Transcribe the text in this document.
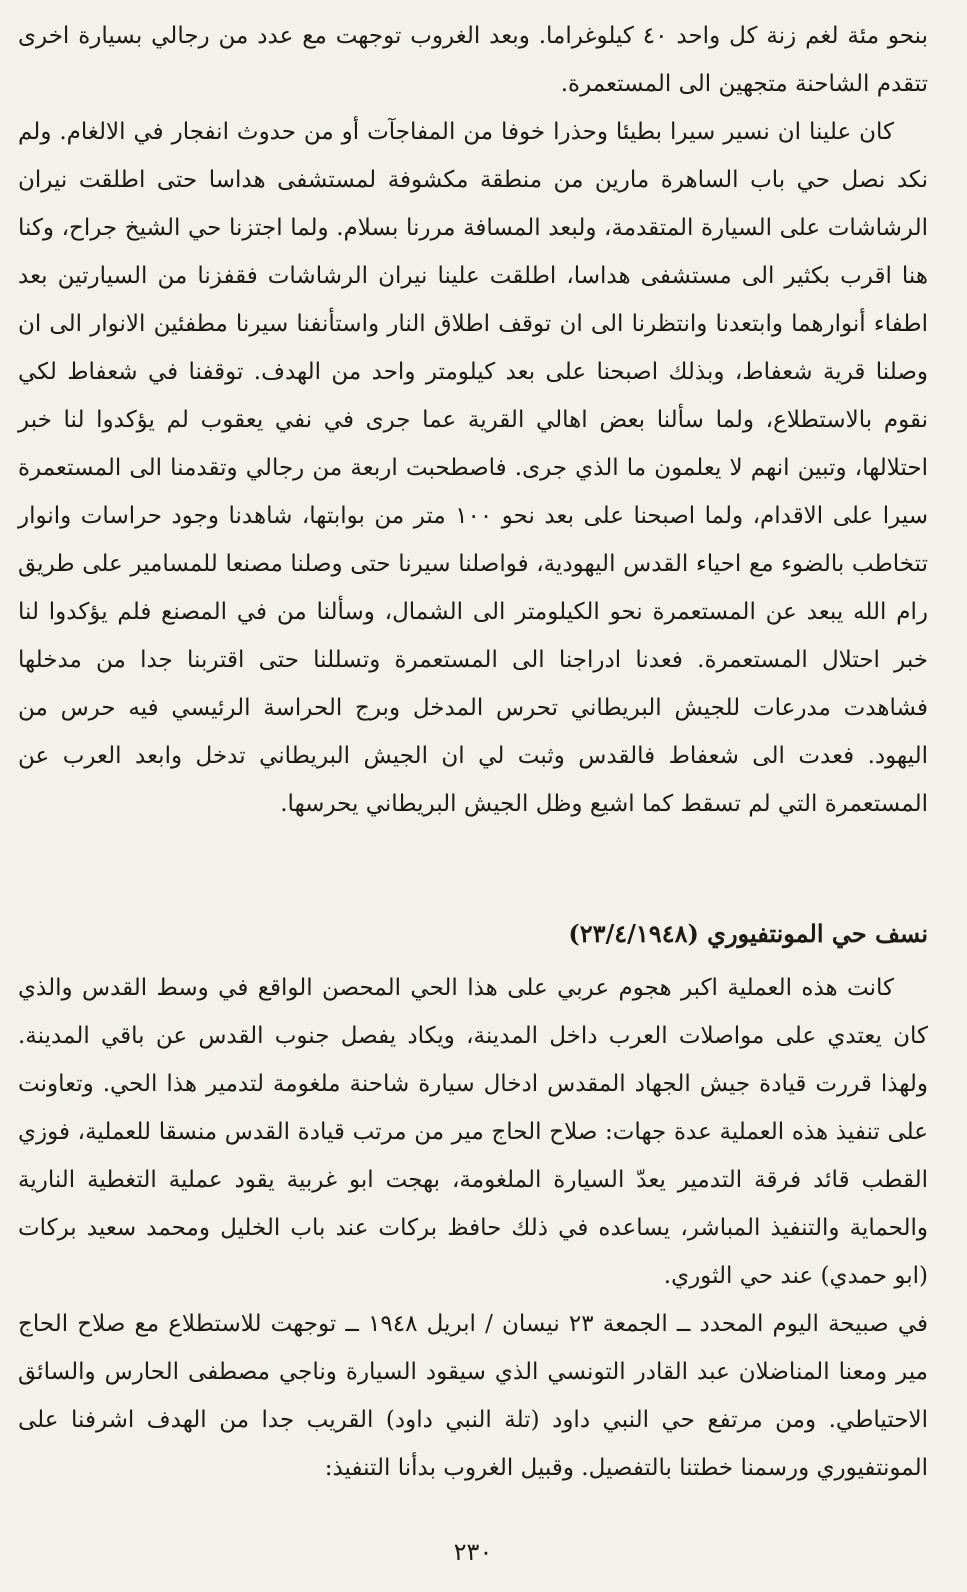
بنحو مئة لغم زنة كل واحد ٤٠ كيلوغراما. وبعد الغروب توجهت مع عدد من رجالي بسيارة اخرى تتقدم الشاحنة متجهين الى المستعمرة.

كان علينا ان نسير سيرا بطيئا وحذرا خوفا من المفاجآت أو من حدوث انفجار في الالغام. ولم نكد نصل حي باب الساهرة مارين من منطقة مكشوفة لمستشفى هداسا حتى اطلقت نيران الرشاشات على السيارة المتقدمة، ولبعد المسافة مررنا بسلام. ولما اجتزنا حي الشيخ جراح، وكنا هنا اقرب بكثير الى مستشفى هداسا، اطلقت علينا نيران الرشاشات فقفزنا من السيارتين بعد اطفاء أنوارهما وابتعدنا وانتظرنا الى ان توقف اطلاق النار واستأنفنا سيرنا مطفئين الانوار الى ان وصلنا قرية شعفاط، وبذلك اصبحنا على بعد كيلومتر واحد من الهدف. توقفنا في شعفاط لكي نقوم بالاستطلاع، ولما سألنا بعض اهالي القرية عما جرى في نفي يعقوب لم يؤكدوا لنا خبر احتلالها، وتبين انهم لا يعلمون ما الذي جرى. فاصطحبت اربعة من رجالي وتقدمنا الى المستعمرة سيرا على الاقدام، ولما اصبحنا على بعد نحو ١٠٠ متر من بوابتها، شاهدنا وجود حراسات وانوار تتخاطب بالضوء مع احياء القدس اليهودية، فواصلنا سيرنا حتى وصلنا مصنعا للمسامير على طريق رام الله يبعد عن المستعمرة نحو الكيلومتر الى الشمال، وسألنا من في المصنع فلم يؤكدوا لنا خبر احتلال المستعمرة. فعدنا ادراجنا الى المستعمرة وتسللنا حتى اقتربنا جدا من مدخلها فشاهدت مدرعات للجيش البريطاني تحرس المدخل وبرج الحراسة الرئيسي فيه حرس من اليهود. فعدت الى شعفاط فالقدس وثبت لي ان الجيش البريطاني تدخل وابعد العرب عن المستعمرة التي لم تسقط كما اشيع وظل الجيش البريطاني يحرسها.

نسف حي المونتفيوري (٢٣/٤/١٩٤٨)

كانت هذه العملية اكبر هجوم عربي على هذا الحي المحصن الواقع في وسط القدس والذي كان يعتدي على مواصلات العرب داخل المدينة، ويكاد يفصل جنوب القدس عن باقي المدينة. ولهذا قررت قيادة جيش الجهاد المقدس ادخال سيارة شاحنة ملغومة لتدمير هذا الحي. وتعاونت على تنفيذ هذه العملية عدة جهات: صلاح الحاج مير من مرتب قيادة القدس منسقا للعملية، فوزي القطب قائد فرقة التدمير يعدّ السيارة الملغومة، بهجت ابو غربية يقود عملية التغطية النارية والحماية والتنفيذ المباشر، يساعده في ذلك حافظ بركات عند باب الخليل ومحمد سعيد بركات (ابو حمدي) عند حي الثوري.

في صبيحة اليوم المحدد ــ الجمعة ٢٣ نيسان / ابريل ١٩٤٨ ــ توجهت للاستطلاع مع صلاح الحاج مير ومعنا المناضلان عبد القادر التونسي الذي سيقود السيارة وناجي مصطفى الحارس والسائق الاحتياطي. ومن مرتفع حي النبي داود (تلة النبي داود) القريب جدا من الهدف اشرفنا على المونتفيوري ورسمنا خطتنا بالتفصيل. وقبيل الغروب بدأنا التنفيذ:

٢٣٠
